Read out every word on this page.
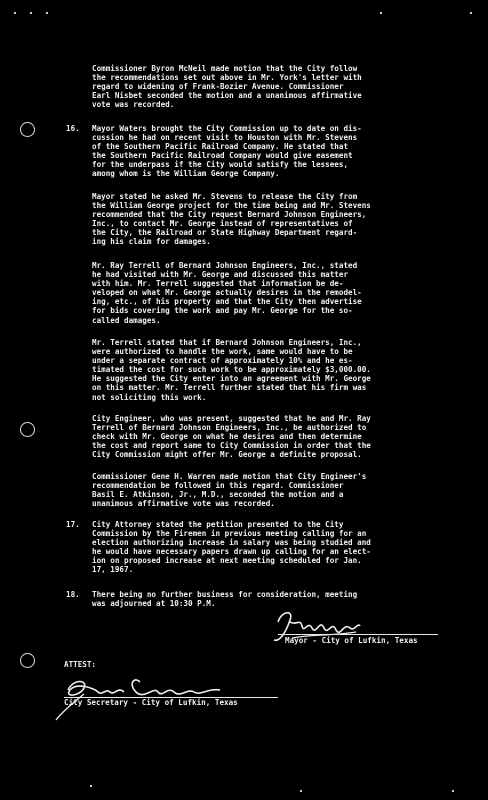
Commissioner Byron McNeil made motion that the City follow
the recommendations set out above in Mr. York's letter with
regard to widening of Frank-Bozier Avenue. Commissioner
Earl Nisbet seconded the motion and a unanimous affirmative
vote was recorded.

16. Mayor Waters brought the City Commission up to date on dis-
cussion he had on recent visit to Houston with Mr. Stevens
of the Southern Pacific Railroad Company. He stated that
the Southern Pacific Railroad Company would give easement
for the underpass if the City would satisfy the lessees,
among whom is the William George Company.

Mayor stated he asked Mr. Stevens to release the City from
the William George project for the time being and Mr. Stevens
recommended that the City request Bernard Johnson Engineers,
Inc., to contact Mr. George instead of representatives of
the City, the Railroad or State Highway Department regard-
ing his claim for damages.

Mr. Ray Terrell of Bernard Johnson Engineers, Inc., stated
he had visited with Mr. George and discussed this matter
with him. Mr. Terrell suggested that information be de-
veloped on what Mr. George actually desires in the remodel-
ing, etc., of his property and that the City then advertise
for bids covering the work and pay Mr. George for the so-
called damages.

Mr. Terrell stated that if Bernard Johnson Engineers, Inc.,
were authorized to handle the work, same would have to be
under a separate contract of approximately 10% and he es-
timated the cost for such work to be approximately $3,000.00.
He suggested the City enter into an agreement with Mr. George
on this matter. Mr. Terrell further stated that his firm was
not soliciting this work.

City Engineer, who was present, suggested that he and Mr. Ray
Terrell of Bernard Johnson Engineers, Inc., be authorized to
check with Mr. George on what he desires and then determine
the cost and report same to City Commission in order that the
City Commission might offer Mr. George a definite proposal.

Commissioner Gene H. Warren made motion that City Engineer's
recommendation be followed in this regard. Commissioner
Basil E. Atkinson, Jr., M.D., seconded the motion and a
unanimous affirmative vote was recorded.

17. City Attorney stated the petition presented to the City
Commission by the Firemen in previous meeting calling for an
election authorizing increase in salary was being studied and
he would have necessary papers drawn up calling for an elect-
ion on proposed increase at next meeting scheduled for Jan.
17, 1967.

18. There being no further business for consideration, meeting
was adjourned at 10:30 P.M.

Mayor - City of Lufkin, Texas

ATTEST:

City Secretary - City of Lufkin, Texas
